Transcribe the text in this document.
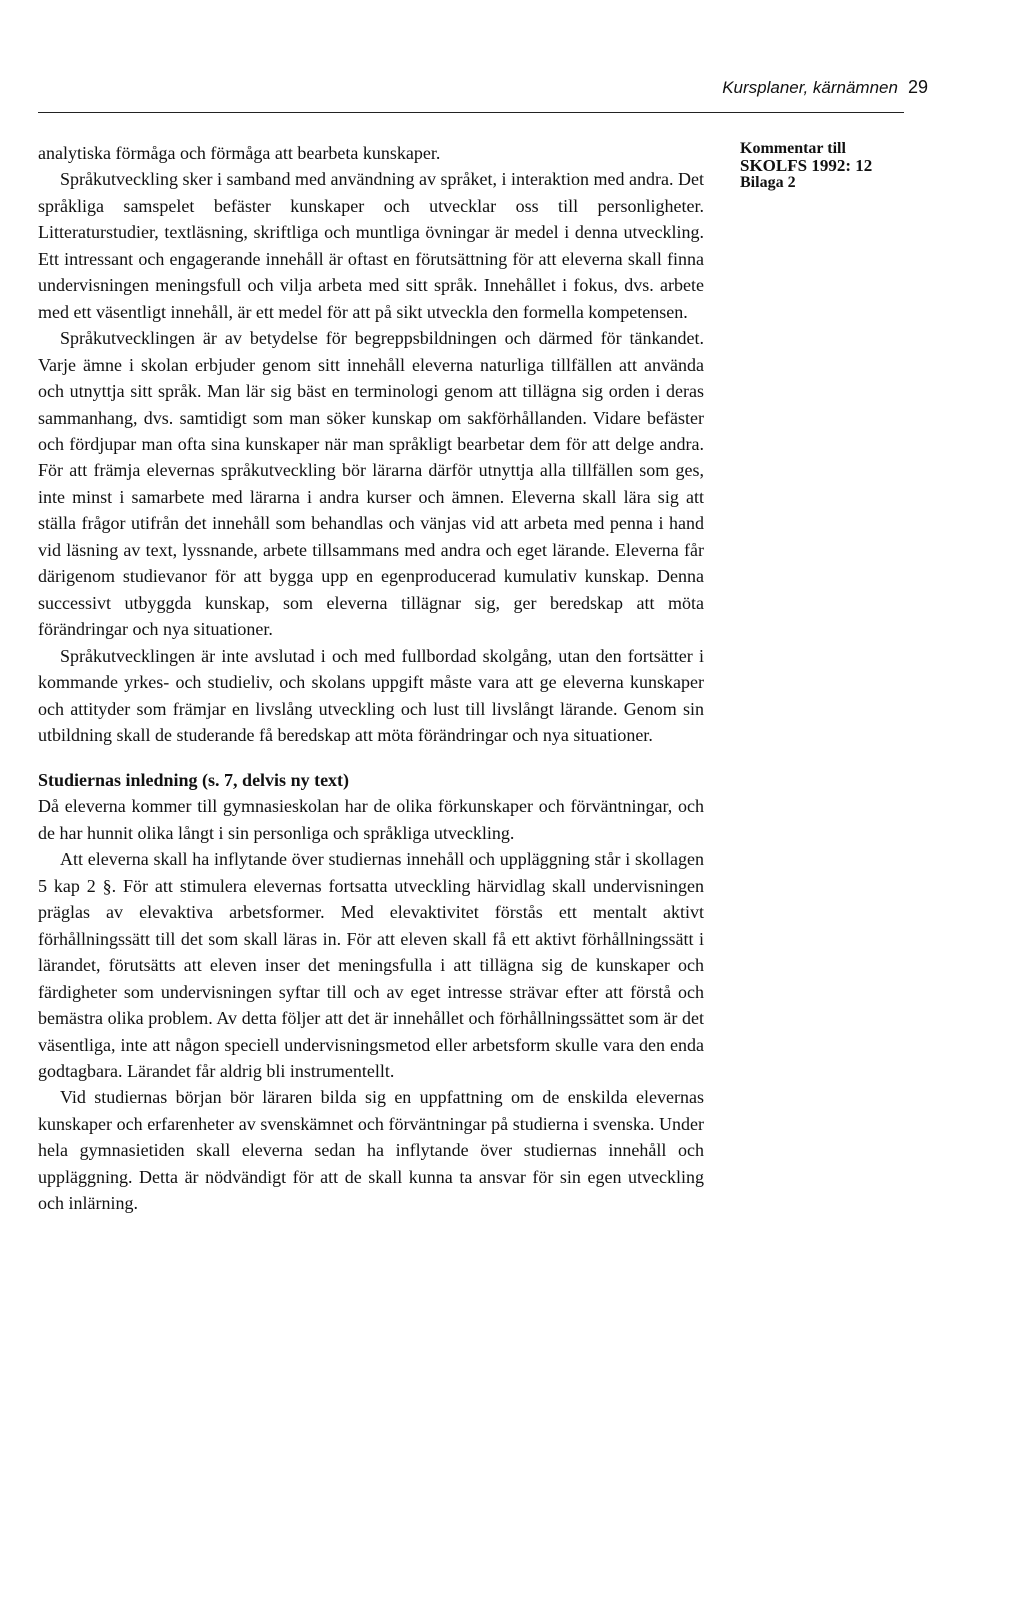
Kursplaner, kärnämnen 29
Kommentar till
SKOLFS 1992: 12
Bilaga 2

analytiska förmåga och förmåga att bearbeta kunskaper.

Språkutveckling sker i samband med användning av språket, i interaktion med andra. Det språkliga samspelet befäster kunskaper och utvecklar oss till personligheter. Litteraturstudier, textläsning, skriftliga och muntliga övningar är medel i denna utveckling. Ett intressant och engagerande innehåll är oftast en förutsättning för att eleverna skall finna undervisningen meningsfull och vilja arbeta med sitt språk. Innehållet i fokus, dvs. arbete med ett väsentligt innehåll, är ett medel för att på sikt utveckla den formella kompetensen.

Språkutvecklingen är av betydelse för begreppsbildningen och därmed för tänkandet. Varje ämne i skolan erbjuder genom sitt innehåll eleverna naturliga tillfällen att använda och utnyttja sitt språk. Man lär sig bäst en terminologi genom att tillägna sig orden i deras sammanhang, dvs. samtidigt som man söker kunskap om sakförhållanden. Vidare befäster och fördjupar man ofta sina kunskaper när man språkligt bearbetar dem för att delge andra. För att främja elevernas språkutveckling bör lärarna därför utnyttja alla tillfällen som ges, inte minst i samarbete med lärarna i andra kurser och ämnen. Eleverna skall lära sig att ställa frågor utifrån det innehåll som behandlas och vänjas vid att arbeta med penna i hand vid läsning av text, lyssnande, arbete tillsammans med andra och eget lärande. Eleverna får därigenom studievanor för att bygga upp en egenproducerad kumulativ kunskap. Denna successivt utbyggda kunskap, som eleverna tillägnar sig, ger beredskap att möta förändringar och nya situationer.

Språkutvecklingen är inte avslutad i och med fullbordad skolgång, utan den fortsätter i kommande yrkes- och studieliv, och skolans uppgift måste vara att ge eleverna kunskaper och attityder som främjar en livslång utveckling och lust till livslångt lärande. Genom sin utbildning skall de studerande få beredskap att möta förändringar och nya situationer.

Studiernas inledning (s. 7, delvis ny text)

Då eleverna kommer till gymnasieskolan har de olika förkunskaper och förväntningar, och de har hunnit olika långt i sin personliga och språkliga utveckling.

Att eleverna skall ha inflytande över studiernas innehåll och uppläggning står i skollagen 5 kap 2 §. För att stimulera elevernas fortsatta utveckling härvidlag skall undervisningen präglas av elevaktiva arbetsformer. Med elevaktivitet förstås ett mentalt aktivt förhållningssätt till det som skall läras in. För att eleven skall få ett aktivt förhållningssätt i lärandet, förutsätts att eleven inser det meningsfulla i att tillägna sig de kunskaper och färdigheter som undervisningen syftar till och av eget intresse strävar efter att förstå och bemästra olika problem. Av detta följer att det är innehållet och förhållningssättet som är det väsentliga, inte att någon speciell undervisningsmetod eller arbetsform skulle vara den enda godtagbara. Lärandet får aldrig bli instrumentellt.

Vid studiernas början bör läraren bilda sig en uppfattning om de enskilda elevernas kunskaper och erfarenheter av svenskämnet och förväntningar på studierna i svenska. Under hela gymnasietiden skall eleverna sedan ha inflytande över studiernas innehåll och uppläggning. Detta är nödvändigt för att de skall kunna ta ansvar för sin egen utveckling och inlärning.
